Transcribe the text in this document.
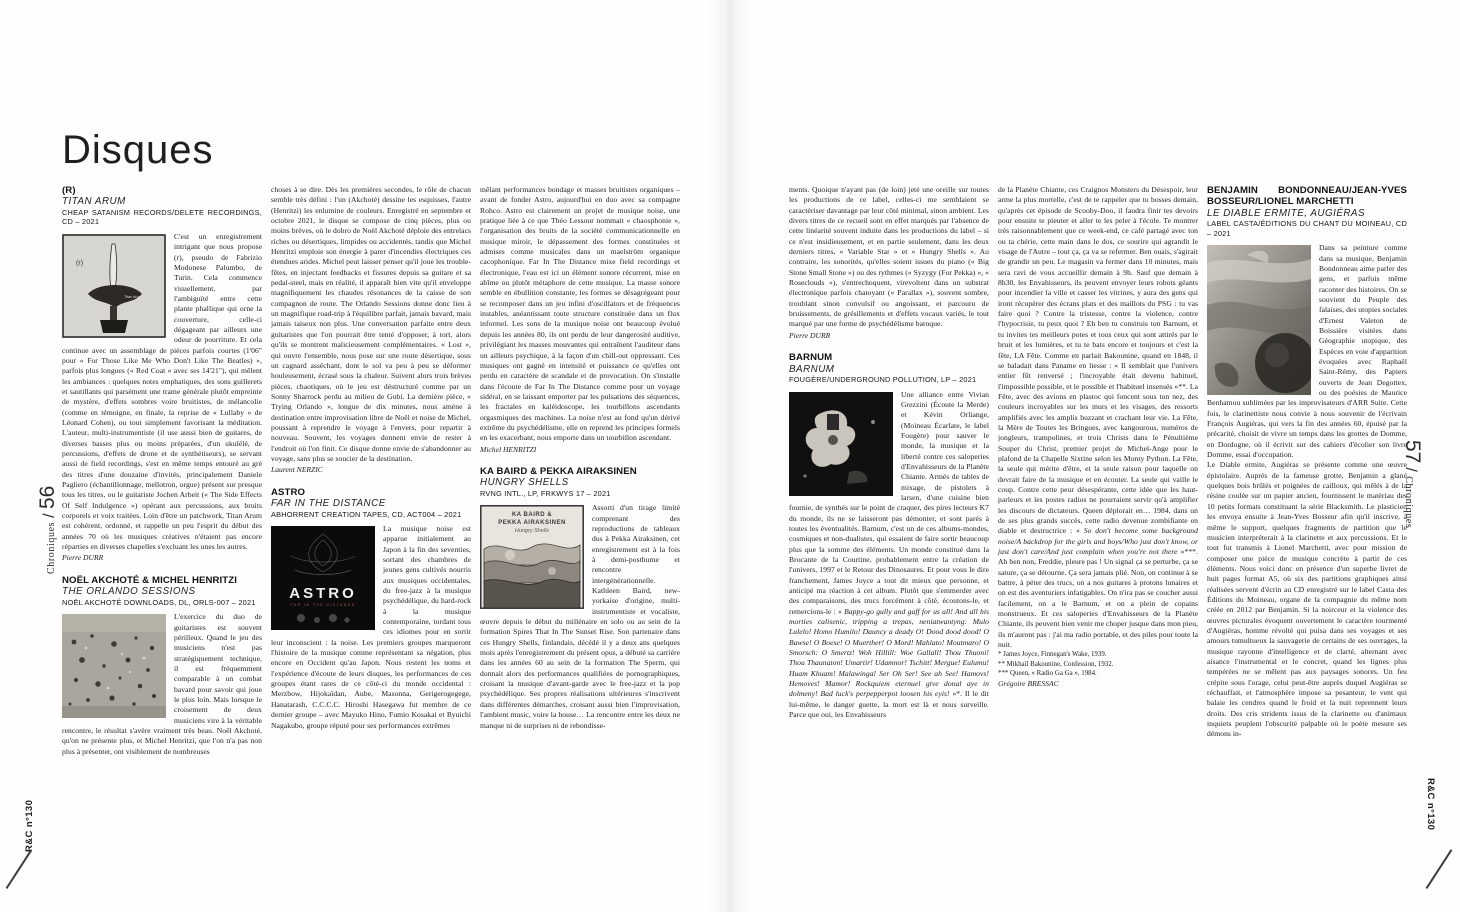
Disques
Chroniques / 56
R&C n°130
57 / Chroniques
R&C n°130
(R)
TITAN ARUM
CHEAP SATANISM RECORDS/DELETE RECORDINGS, CD – 2021
(r)
Titan Arum
C'est un enregistrement intrigant que nous propose (r), pseudo de Fabrizio Modonese Palumbo, de Turin. Cela commence visuellement, par l'ambiguïté entre cette plante phallique qui orne la couverture, celle-ci dégageant par ailleurs une odeur de pourriture. Et cela continue avec un assemblage de pièces parfois courtes (1'06" pour « For Those Like Me Who Don't Like The Beatles) », parfois plus longues (« Red Coat » avec ses 14'21"), qui mêlent les ambiances : quelques notes emphatiques, des sons guillerets et sautillants qui parsèment une trame générale plutôt empreinte de mystère, d'effets sombres voire bruitistes, de mélancolie (comme en témoigne, en finale, la reprise de « Lullaby » de Léonard Cohen), ou tout simplement favorisant la méditation. L'auteur, multi-instrumentiste (il use aussi bien de guitares, de diverses basses plus ou moins préparées, d'un ukulélé, de percussions, d'effets de drone et de synthétiseurs), se servant aussi de field recordings, s'est en même temps entouré au gré des titres d'une douzaine d'invités, principalement Daniele Pagliero (échantillonnage, mellotron, orgue) présent sur presque tous les titres, ou le guitariste Jochen Arbeit (« The Side Effects Of Self Indulgence ») opérant aux percussions, aux bruits corporels et voix traitées. Loin d'être un patchwork, Titan Arum est cohérent, ordonné, et rappelle un peu l'esprit du début des années 70 où les musiques créatives n'étaient pas encore réparties en diverses chapelles s'excluant les unes les autres.
Pierre DURR
NOËL AKCHOTÉ & MICHEL HENRITZI
THE ORLANDO SESSIONS
NOËL AKCHOTÉ DOWNLOADS, DL, ORLS-007 – 2021
L'exercice du duo de guitaristes est souvent périlleux. Quand le jeu des musiciens n'est pas stratégiquement technique, il est fréquemment comparable à un combat bavard pour savoir qui joue le plus loin. Mais lorsque le croisement de deux musiciens vire à la véritable rencontre, le résultat s'avère vraiment très beau. Noël Akchoté, qu'on ne présente plus, et Michel Henritzi, que l'on n'a pas non plus à présenter, ont visiblement de nombreuses
choses à se dire. Dès les premières secondes, le rôle de chacun semble très défini : l'un (Akchoté) dessine les esquisses, l'autre (Henritzi) les enlumine de couleurs. Enregistré en septembre et octobre 2021, le disque se compose de cinq pièces, plus ou moins brèves, où le dobro de Noël Akchoté déploie des entrelacs riches ou désertiques, limpides ou accidentés, tandis que Michel Henritzi emploie son énergie à parer d'incendies électriques ces étendues arides. Michel peut laisser penser qu'il joue les trouble-fêtes, en injectant feedbacks et fissures depuis sa guitare et sa pedal-steel, mais en réalité, il apparaît bien vite qu'il enveloppe magnifiquement les chaudes résonances de la caisse de son compagnon de route. The Orlando Sessions donne donc lieu à un magnifique road-trip à l'équilibre parfait, jamais bavard, mais jamais taiseux non plus. Une conversation parfaite entre deux guitaristes que l'on pourrait être tenté d'opposer, à tort, alors qu'ils se montrent malicieusement complémentaires. « Lost », qui ouvre l'ensemble, nous pose sur une route désertique, sous un cagnard asséchant, dont le sol va peu à peu se déformer houleusement, écrasé sous la chaleur. Suivent alors trois brèves pièces, chaotiques, où le jeu est déstructuré comme par un Sonny Sharrock perdu au milieu de Gobi. La dernière pièce, « Trying Orlando », longue de dix minutes, nous amène à destination entre improvisation libre de Noël et noise de Michel, poussant à reprendre le voyage à l'envers, pour repartir à nouveau. Souvent, les voyages donnent envie de rester à l'endroit où l'on finit. Ce disque donne envie de s'abandonner au voyage, sans plus se soucier de la destination.
Laurent NERZIC
ASTRO
FAR IN THE DISTANCE
ABHORRENT CREATION TAPES, CD, ACT004 – 2021
ASTRO
FAR IN THE DISTANCE
La musique noise est apparue initialement au Japon à la fin des seventies, sortant des chambres de jeunes gens cultivés nourris aux musiques occidentales, du free-jazz à la musique psychédélique, du hard-rock à la musique contemporaine, tordant tous ces idiomes pour en sortir leur inconscient : la noise. Les premiers groupes marqueront l'histoire de la musique comme représentant sa négation, plus encore en Occident qu'au Japon. Nous restent les noms et l'expérience d'écoute de leurs disques, les performances de ces groupes étant rares de ce côté-ci du monde occidental : Merzbow, Hijokaïdan, Aube, Masonna, Gerigerogegege, Hanatarash, C.C.C.C. Hiroshi Hasegawa fut membre de ce dernier groupe – avec Mayuko Hino, Fumio Kosakai et Ryuichi Nagakubo, groupe réputé pour ses performances extrêmes
mêlant performances bondage et masses bruitistes organiques – avant de fonder Astro, aujourd'hui en duo avec sa compagne Rohco. Astro est clairement un projet de musique noise, une pratique liée à ce que Théo Lessour nommait « chaosphonie », l'organisation des bruits de la société communicationnelle en musique miroir, le dépassement des formes constituées et admises comme musicales dans un maelström organique cacophonique. Far In The Distance mixe field recordings et électronique, l'eau est ici un élément sonore récurrent, mise en abîme ou plutôt métaphore de cette musique. La masse sonore semble en ébullition constante, les formes se désagrégeant pour se recomposer dans un jeu infini d'oscillators et de fréquences instables, anéantissant toute structure constituée dans un flux informel. Les sons de la musique noise ont beaucoup évolué depuis les années 80, ils ont perdu de leur dangerosité auditive, privilégiant les masses mouvantes qui entraînent l'auditeur dans un ailleurs psychique, à la façon d'un chill-out oppressant. Ces musiques ont gagné en intensité et puissance ce qu'elles ont perdu en caractère de scandale et de provocation. On s'installe dans l'écoute de Far In The Distance comme pour un voyage sidéral, en se laissant emporter par les pulsations des séquences, les fractales en kaléidoscope, les tourbillons ascendants orgasmiques des machines. La noise n'est au fond qu'un dérivé extrême du psychédélisme, elle en reprend les principes formels en les exacerbant, nous emporte dans un tourbillon ascendant.
Michel HENRITZI
KA BAIRD & PEKKA AIRAKSINEN
HUNGRY SHELLS
RVNG INTL., LP, FRKWYS 17 – 2021
KA BAIRD &
PEKKA AIRAKSINEN
Hungry Shells
Assorti d'un tirage limité comprenant des reproductions de tableaux dus à Pekka Airaksinen, cet enregistrement est à la fois à demi-posthume et rencontre intergénérationnelle. Kathleen Baird, new-yorkaise d'origine, multi-instrumentiste et vocaliste, œuvre depuis le début du millénaire en solo ou au sein de la formation Spires That In The Sunset Rise. Son partenaire dans ces Hungry Shells, finlandais, décédé il y a deux ans quelques mois après l'enregistrement du présent opus, a débuté sa carrière dans les années 60 au sein de la formation The Sperm, qui donnait alors des performances qualifiées de pornographiques, croisant la musique d'avant-garde avec le free-jazz et la pop psychédélique. Ses propres réalisations ultérieures s'inscrivent dans différentes démarches, croisant aussi bien l'improvisation, l'ambient music, voire la house… La rencontre entre les deux ne manque ni de surprises ni de rebondisse-
ments. Quoique n'ayant pas (de loin) jeté une oreille sur toutes les productions de ce label, celles-ci me semblaient se caractériser davantage par leur côté minimal, sinon ambient. Les divers titres de ce recueil sont en effet marqués par l'absence de cette linéarité souvent induite dans les productions du label – si ce n'est insidieusement, et en partie seulement, dans les deux derniers titres, « Variable Star » et « Hungry Shells ». Au contraire, les sonorités, qu'elles soient issues du piano (« Big Stone Small Stone ») ou des rythmes (« Syzygy (For Pekka) », « Roseclouds »), s'entrechoquent, virevoltent dans un substrat électronique parfois chatoyant (« Parallax »), souvent sombre, troublant sinon convulsif ou angoissant, et parcouru de bruissements, de grésillements et d'effets vocaux variés, le tout marqué par une forme de psychédélisme baroque.
Pierre DURR
BARNUM
BARNUM
FOUGÈRE/UNDERGROUND POLLUTION, LP – 2021
Une alliance entre Vivian Grezzini (Écoute la Merde) et Kévin Orliange, (Moineau Écarlate, le label Fougère) pour sauver le monde, la musique et la liberté contre ces saloperies d'Envahisseurs de la Planète Chiante. Armés de tables de mixage, de pistolets à larsen, d'une cuisine bien fournie, de synthés sur le point de craquer, des pires lecteurs K7 du monde, ils ne se laisseront pas démonter, et sont parés à toutes les éventualités. Barnum, c'est un de ces albums-mondes, cosmiques et non-dualistes, qui essaient de faire sortir beaucoup plus que la somme des éléments. Un monde constitué dans la Brocante de la Courtine, probablement entre la création de l'univers, 1997 et le Retour des Dinosaures. Et pour vous le dire franchement, James Joyce a tout dit mieux que personne, et anticipé ma réaction à cet album. Plutôt que s'emmerder avec des comparaisons, des trucs forcément à côté, écoutons-le, et remercions-le : « Bappy-go gully and gaff for us all! And all his morties calisenic, tripping a trepas, neniatwantyng: Mulo Lulelo! Homo Humilo! Dauncy a deady O! Dood dood dood! O Bawse! O Boese! O Muerther! O Mord! Mahlato! Moutmaro! O Smorsch: O Smertz! Woh Hillill: Woe Gallall! Thou Thuoni! Thou Thaunaton! Umartir! Udamnor! Tschitt! Mergue! Eulumu! Huam Khuam! Malawinga! Ser Oh Ser! See ah See! Hamovs! Hemoves! Mamor! Rockquiem eternuel give donal aye in dolmeny! Bad luck's perpepperpot loosen his eyis! »*. Il le dit lui-même, le danger guette, la mort est là et nous surveille. Parce que oui, les Envahisseurs
de la Planète Chiante, ces Craignos Monsters du Désespoir, leur arme la plus mortelle, c'est de te rappeler que tu bosses demain, qu'après cet épisode de Scooby-Doo, il faudra finir tes devoirs pour ensuite te pieuter et aller te les peler à l'école. Te montrer très raisonnablement que ce week-end, ce café partagé avec ton ou ta chérie, cette main dans le dos, ce sourire qui agrandit le visage de l'Autre – tout ça, ça va se refermer. Ben ouais, s'agirait de grandir un peu. Le magasin va fermer dans 10 minutes, mais sera ravi de vous accueillir demain à 9h. Sauf que demain à 8h30, les Envahisseurs, ils peuvent envoyer leurs robots géants pour incendier la ville et casser les vitrines, y aura des gens qui iront récupérer des écrans plats et des maillots du PSG : tu vas faire quoi ? Contre la tristesse, contre la violence, contre l'hypocrisie, tu peux quoi ? Eh ben tu construis ton Barnum, et tu invites tes meilleurs potes et tous ceux qui sont attirés par le bruit et les lumières, et tu te bats encore et toujours et c'est la fête, LA Fête. Comme en parlait Bakounine, quand en 1848, il se baladait dans Paname en liesse : « Il semblait que l'univers entier fût renversé ; l'incroyable était devenu habituel, l'impossible possible, et le possible et l'habituel insensés »**. La Fête, avec des avions en plastoc qui foncent sous ton nez, des couleurs incroyables sur les murs et les visages, des ressorts amplifiés avec les amplis buzzant et crachant leur vie. La Fête, la Mère de Toutes les Bringues, avec kangourous, numéros de jongleurs, trampolines, et trois Christs dans le Pénultième Souper du Christ, premier projet de Michel-Ange pour le plafond de la Chapelle Sixtine selon les Monty Python. La Fête, la seule qui mérite d'être, et la seule raison pour laquelle on devrait faire de la musique et en écouter. La seule qui vaille le coup. Contre cette peur désespérante, cette idée que les haut-parleurs et les postes radios ne pourraient servir qu'à amplifier les discours de dictateurs. Queen déplorait en… 1984, dans un de ses plus grands succès, cette radio devenue zombifiante en diable et destructrice : « So don't become some background noise/A backdrop for the girls and boys/Who just don't know, or just don't care/And just complain when you're not there »***. Ah ben non, Freddie, pleure pas ! Un signal ça se perturbe, ça se sature, ça se détourne. Ça sera jamais plié. Non, on continue à se battre, à péter des trucs, on a nos guitares à protons lunaires et on est des aventuriers infatigables. On n'ira pas se coucher aussi facilement, on a le Barnum, et on a plein de copains monstrueux. Et ces saloperies d'Envahisseurs de la Planète Chiante, ils peuvent bien venir me choper jusque dans mon pieu, ils m'auront pas : j'ai ma radio portable, et des piles pour toute la nuit.
* James Joyce, Finnegan's Wake, 1939.
** Mikhaïl Bakounine, Confession, 1932.
*** Queen, « Radio Ga Ga », 1984.
Grégoire BRESSAC
BENJAMIN BONDONNEAU/JEAN-YVES BOSSEUR/LIONEL MARCHETTI
LE DIABLE ERMITE, AUGIÉRAS
LABEL CASTA/ÉDITIONS DU CHANT DU MOINEAU, CD – 2021
Dans sa peinture comme dans sa musique, Benjamin Bondonneau aime parler des gens, et parfois même raconter des histoires. On se souvient du Peuple des falaises, des utopies sociales d'Ernest Valeton de Boissière visitées dans Géographie utopique, des Espèces en voie d'apparition évoquées avec Raphaël Saint-Rémy, des Papiers ouverts de Jean Degottex, ou des poésies de Maurice Benhamou sublimées par les improvisateurs d'ARR Suite. Cette fois, le clarinettiste nous convie à nous souvenir de l'écrivain François Augiéras, qui vers la fin des années 60, épuisé par la précarité, choisit de vivre un temps dans les grottes de Domme, en Dordogne, où il écrivit sur des cahiers d'écolier son livre Domme, essai d'occupation.
Le Diable ermite, Augiéras se présente comme une œuvre épistolaire. Auprès de la fameuse grotte, Benjamin a glané quelques bois brûlés et poignées de cailloux, qui mêlés à de la résine coulée sur un papier ancien, fournissent le matériau des 10 petits formats constituant la série Blacksmith. Le plasticien les envoya ensuite à Jean-Yves Bosseur afin qu'il inscrive, à même le support, quelques fragments de partition que le musicien interpréterait à la clarinette et aux percussions. Et le tout fut transmis à Lionel Marchetti, avec pour mission de composer une pièce de musique concrète à partir de ces éléments. Nous voici donc en présence d'un superbe livret de huit pages format A5, où six des partitions graphiques ainsi réalisées servent d'écrin au CD enregistré sur le label Casta des Éditions du Moineau, organe de la compagnie du même nom créée en 2012 par Benjamin. Si la noirceur et la violence des œuvres picturales évoquent ouvertement le caractère tourmenté d'Augiéras, homme révolté qui puisa dans ses voyages et ses amours tumultueux la sauvagerie de certains de ses ouvrages, la musique rayonne d'intelligence et de clarté, alternant avec aisance l'instrumental et le concret, quand les lignes plus tempérées ne se mêlent pas aux paysages sonores. Un feu crépite sous l'orage, celui peut-être auprès duquel Augiéras se réchauffait, et l'atmosphère impose sa pesanteur, le vent qui balaie les cendres quand le froid et la nuit reprennent leurs droits. Des cris stridents issus de la clarinette ou d'animaux inquiets peuplent l'obscurité palpable où le poète mesure ses démons in-
